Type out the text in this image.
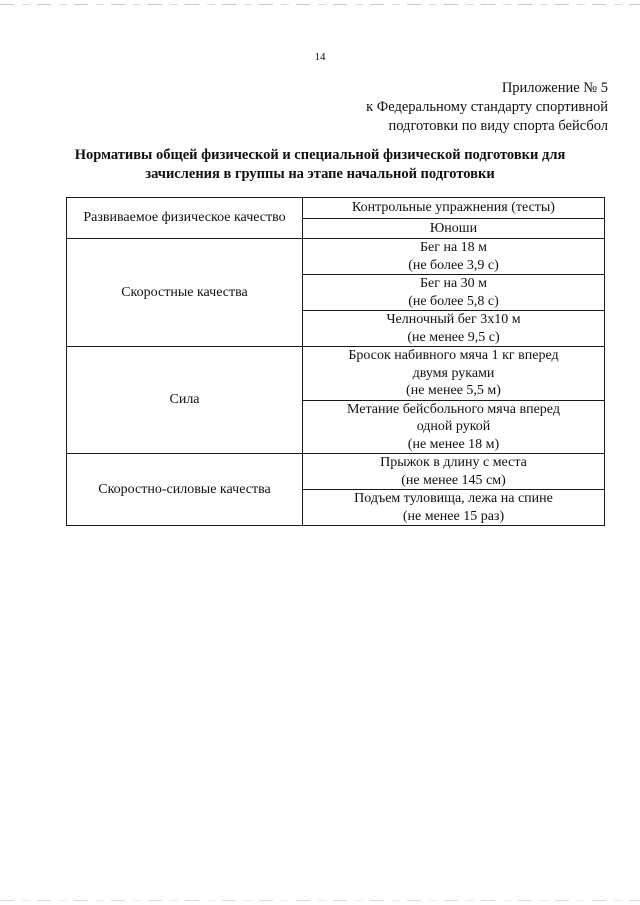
14
Приложение № 5
к Федеральному стандарту спортивной
подготовки по виду спорта бейсбол
Нормативы общей физической и специальной физической подготовки для
зачисления в группы на этапе начальной подготовки
Развиваемое физическое качество	Контрольные упражнения (тесты)
	Юноши
Скоростные качества	Бег на 18 м
(не более 3,9 с)

	Бег на 30 м
(не более 5,8 с)

	Челночный бег 3x10 м
(не менее 9,5 с)

Сила	Бросок набивного мяча 1 кг вперед
двумя руками
(не менее 5,5 м)

	Метание бейсбольного мяча вперед
одной рукой
(не менее 18 м)

Скоростно-силовые качества	Прыжок в длину с места
(не менее 145 см)

	Подъем туловища, лежа на спине
(не менее 15 раз)
